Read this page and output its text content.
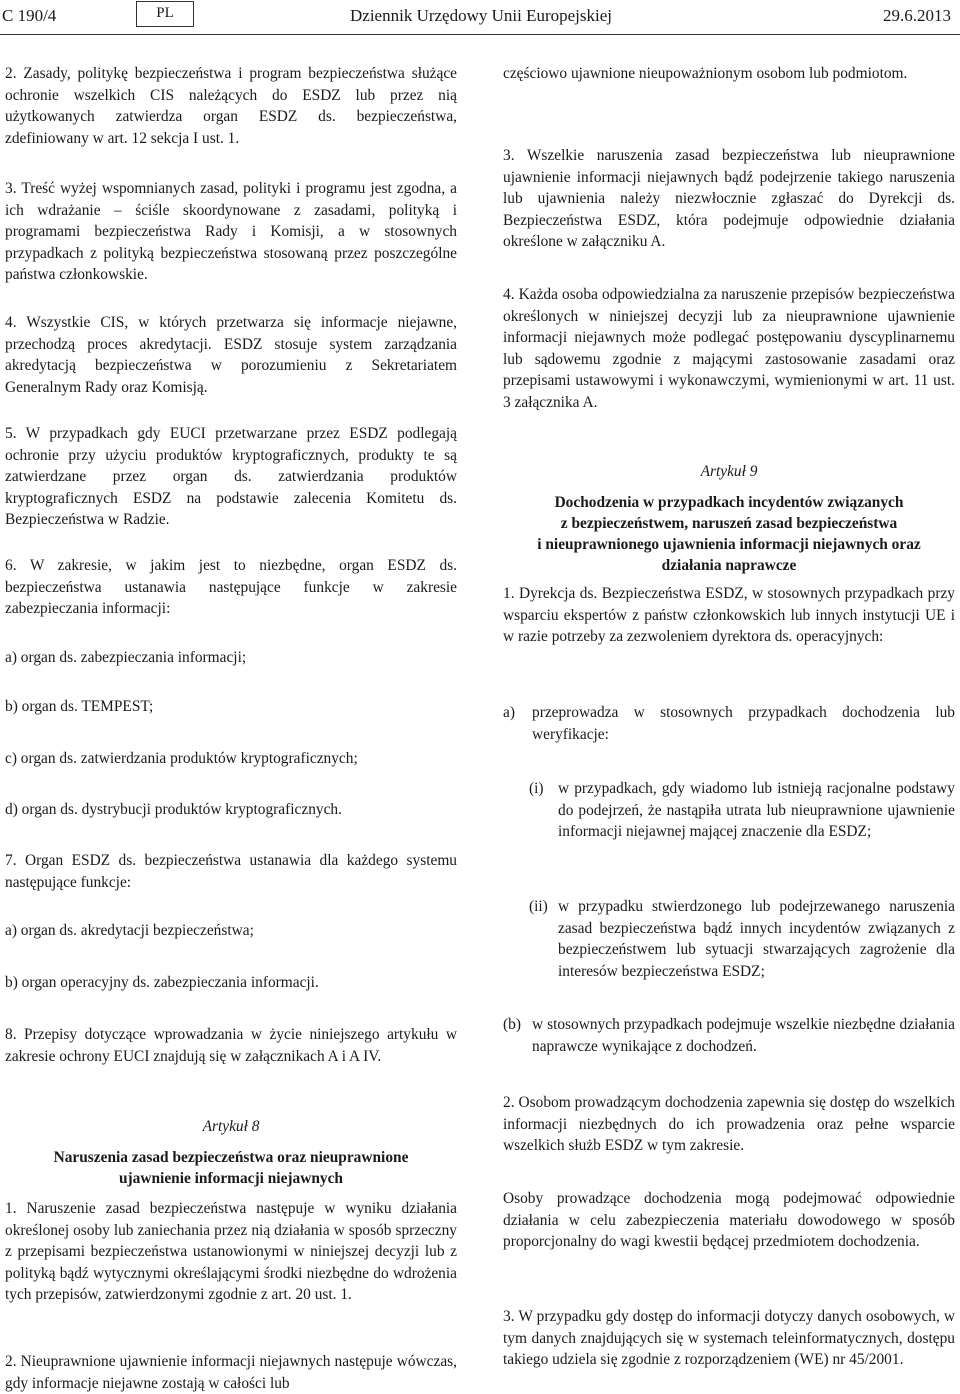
C 190/4	PL	Dziennik Urzędowy Unii Europejskiej	29.6.2013

2. Zasady, politykę bezpieczeństwa i program bezpieczeństwa służące ochronie wszelkich CIS należących do ESDZ lub przez nią użytkowanych zatwierdza organ ESDZ ds. bezpieczeństwa, zdefiniowany w art. 12 sekcja I ust. 1.

3. Treść wyżej wspomnianych zasad, polityki i programu jest zgodna, a ich wdrażanie – ściśle skoordynowane z zasadami, polityką i programami bezpieczeństwa Rady i Komisji, a w stosownych przypadkach z polityką bezpieczeństwa stosowaną przez poszczególne państwa członkowskie.

4. Wszystkie CIS, w których przetwarza się informacje niejawne, przechodzą proces akredytacji. ESDZ stosuje system zarządzania akredytacją bezpieczeństwa w porozumieniu z Sekretariatem Generalnym Rady oraz Komisją.

5. W przypadkach gdy EUCI przetwarzane przez ESDZ podlegają ochronie przy użyciu produktów kryptograficznych, produkty te są zatwierdzane przez organ ds. zatwierdzania produktów kryptograficznych ESDZ na podstawie zalecenia Komitetu ds. Bezpieczeństwa w Radzie.

6. W zakresie, w jakim jest to niezbędne, organ ESDZ ds. bezpieczeństwa ustanawia następujące funkcje w zakresie zabezpieczania informacji:

a) organ ds. zabezpieczania informacji;

b) organ ds. TEMPEST;

c) organ ds. zatwierdzania produktów kryptograficznych;

d) organ ds. dystrybucji produktów kryptograficznych.

7. Organ ESDZ ds. bezpieczeństwa ustanawia dla każdego systemu następujące funkcje:

a) organ ds. akredytacji bezpieczeństwa;

b) organ operacyjny ds. zabezpieczania informacji.

8. Przepisy dotyczące wprowadzania w życie niniejszego artykułu w zakresie ochrony EUCI znajdują się w załącznikach A i A IV.

Artykuł 8

Naruszenia zasad bezpieczeństwa oraz nieuprawnione

ujawnienie informacji niejawnych

1. Naruszenie zasad bezpieczeństwa następuje w wyniku działania określonej osoby lub zaniechania przez nią działania w sposób sprzeczny z przepisami bezpieczeństwa ustanowionymi w niniejszej decyzji lub z polityką bądź wytycznymi określającymi środki niezbędne do wdrożenia tych przepisów, zatwierdzonymi zgodnie z art. 20 ust. 1.

2. Nieuprawnione ujawnienie informacji niejawnych następuje wówczas, gdy informacje niejawne zostają w całości lub

częściowo ujawnione nieupoważnionym osobom lub podmiotom.

3. Wszelkie naruszenia zasad bezpieczeństwa lub nieuprawnione ujawnienie informacji niejawnych bądź podejrzenie takiego naruszenia lub ujawnienia należy niezwłocznie zgłaszać do Dyrekcji ds. Bezpieczeństwa ESDZ, która podejmuje odpowiednie działania określone w załączniku A.

4. Każda osoba odpowiedzialna za naruszenie przepisów bezpieczeństwa określonych w niniejszej decyzji lub za nieuprawnione ujawnienie informacji niejawnych może podlegać postępowaniu dyscyplinarnemu lub sądowemu zgodnie z mającymi zastosowanie zasadami oraz przepisami ustawowymi i wykonawczymi, wymienionymi w art. 11 ust. 3 załącznika A.

Artykuł 9

Dochodzenia w przypadkach incydentów związanych

z bezpieczeństwem, naruszeń zasad bezpieczeństwa

i nieuprawnionego ujawnienia informacji niejawnych oraz

działania naprawcze

1. Dyrekcja ds. Bezpieczeństwa ESDZ, w stosownych przypadkach przy wsparciu ekspertów z państw członkowskich lub innych instytucji UE i w razie potrzeby za zezwoleniem dyrektora ds. operacyjnych:

a)	przeprowadza w stosownych przypadkach dochodzenia lub weryfikacje:
(i) w przypadkach, gdy wiadomo lub istnieją racjonalne podstawy do podejrzeń, że nastąpiła utrata lub nieuprawnione ujawnienie informacji niejawnej mającej znaczenie dla ESDZ;
(ii) w przypadku stwierdzonego lub podejrzewanego naruszenia zasad bezpieczeństwa bądź innych incydentów związanych z bezpieczeństwem lub sytuacji stwarzających zagrożenie dla interesów bezpieczeństwa ESDZ;
(b) w stosownych przypadkach podejmuje wszelkie niezbędne działania naprawcze wynikające z dochodzeń.

2. Osobom prowadzącym dochodzenia zapewnia się dostęp do wszelkich informacji niezbędnych do ich prowadzenia oraz pełne wsparcie wszelkich służb ESDZ w tym zakresie.

Osoby prowadzące dochodzenia mogą podejmować odpowiednie działania w celu zabezpieczenia materiału dowodowego w sposób proporcjonalny do wagi kwestii będącej przedmiotem dochodzenia.

3. W przypadku gdy dostęp do informacji dotyczy danych osobowych, w tym danych znajdujących się w systemach teleinformatycznych, dostępu takiego udziela się zgodnie z rozporządzeniem (WE) nr 45/2001.
